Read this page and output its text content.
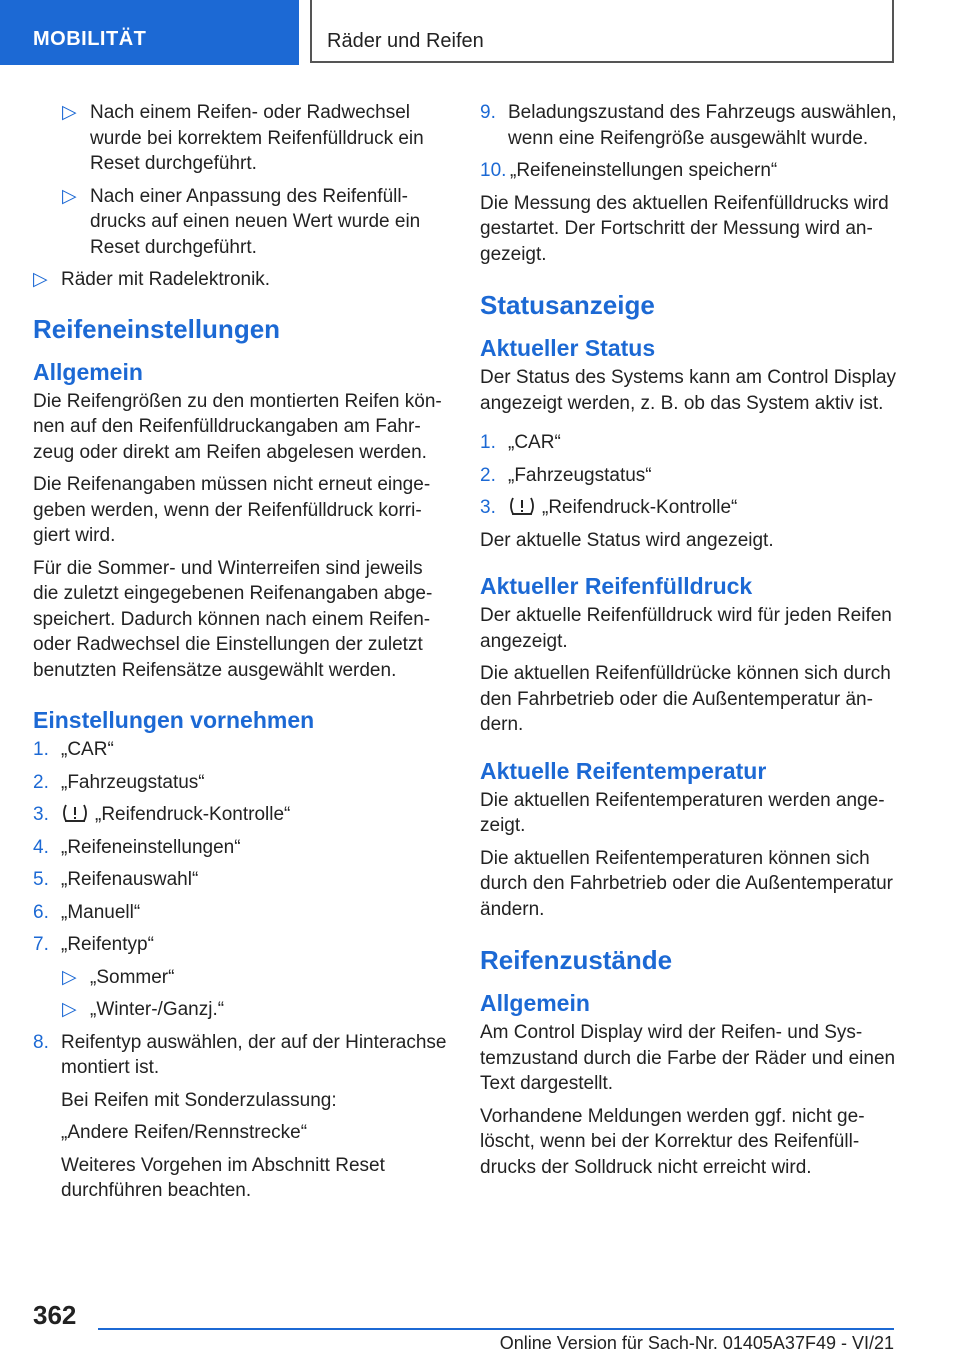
MOBILITÄT	Räder und Reifen
▷ Nach einem Reifen- oder Radwechsel wurde bei korrektem Reifenfülldruck ein Reset durchgeführt.
▷ Nach einer Anpassung des Reifenfülldrucks auf einen neuen Wert wurde ein Reset durchgeführt.
▷ Räder mit Radelektronik.
Reifeneinstellungen
Allgemein

Die Reifengrößen zu den montierten Reifen können auf den Reifenfülldruckangaben am Fahrzeug oder direkt am Reifen abgelesen werden.

Die Reifenangaben müssen nicht erneut eingegeben werden, wenn der Reifenfülldruck korrigiert wird.

Für die Sommer- und Winterreifen sind jeweils die zuletzt eingegebenen Reifenangaben abgespeichert. Dadurch können nach einem Reifen- oder Radwechsel die Einstellungen der zuletzt benutzten Reifensätze ausgewählt werden.

Einstellungen vornehmen
1. „CAR“
2. „Fahrzeugstatus“
3.	„Reifendruck-Kontrolle“
4. „Reifeneinstellungen“
5. „Reifenauswahl“
6. „Manuell“
7. „Reifentyp“
▷ „Sommer“
▷ „Winter-/Ganzj.“
8. Reifentyp auswählen, der auf der Hinterachse montiert ist.
Bei Reifen mit Sonderzulassung:
„Andere Reifen/Rennstrecke“
Weiteres Vorgehen im Abschnitt Reset durchführen beachten.
9. Beladungszustand des Fahrzeugs auswählen, wenn eine Reifengröße ausgewählt wurde.
10. „Reifeneinstellungen speichern“

Die Messung des aktuellen Reifenfülldrucks wird gestartet. Der Fortschritt der Messung wird angezeigt.

Statusanzeige
Aktueller Status

Der Status des Systems kann am Control Display angezeigt werden, z. B. ob das System aktiv ist.

1. „CAR“
2. „Fahrzeugstatus“
3.	„Reifendruck-Kontrolle“

Der aktuelle Status wird angezeigt.

Aktueller Reifenfülldruck

Der aktuelle Reifenfülldruck wird für jeden Reifen angezeigt.

Die aktuellen Reifenfülldrücke können sich durch den Fahrbetrieb oder die Außentemperatur ändern.

Aktuelle Reifentemperatur

Die aktuellen Reifentemperaturen werden angezeigt.

Die aktuellen Reifentemperaturen können sich durch den Fahrbetrieb oder die Außentemperatur ändern.

Reifenzustände
Allgemein

Am Control Display wird der Reifen- und Systemzustand durch die Farbe der Räder und einen Text dargestellt.

Vorhandene Meldungen werden ggf. nicht gelöscht, wenn bei der Korrektur des Reifenfülldrucks der Solldruck nicht erreicht wird.

362
Online Version für Sach-Nr. 01405A37F49 - VI/21
